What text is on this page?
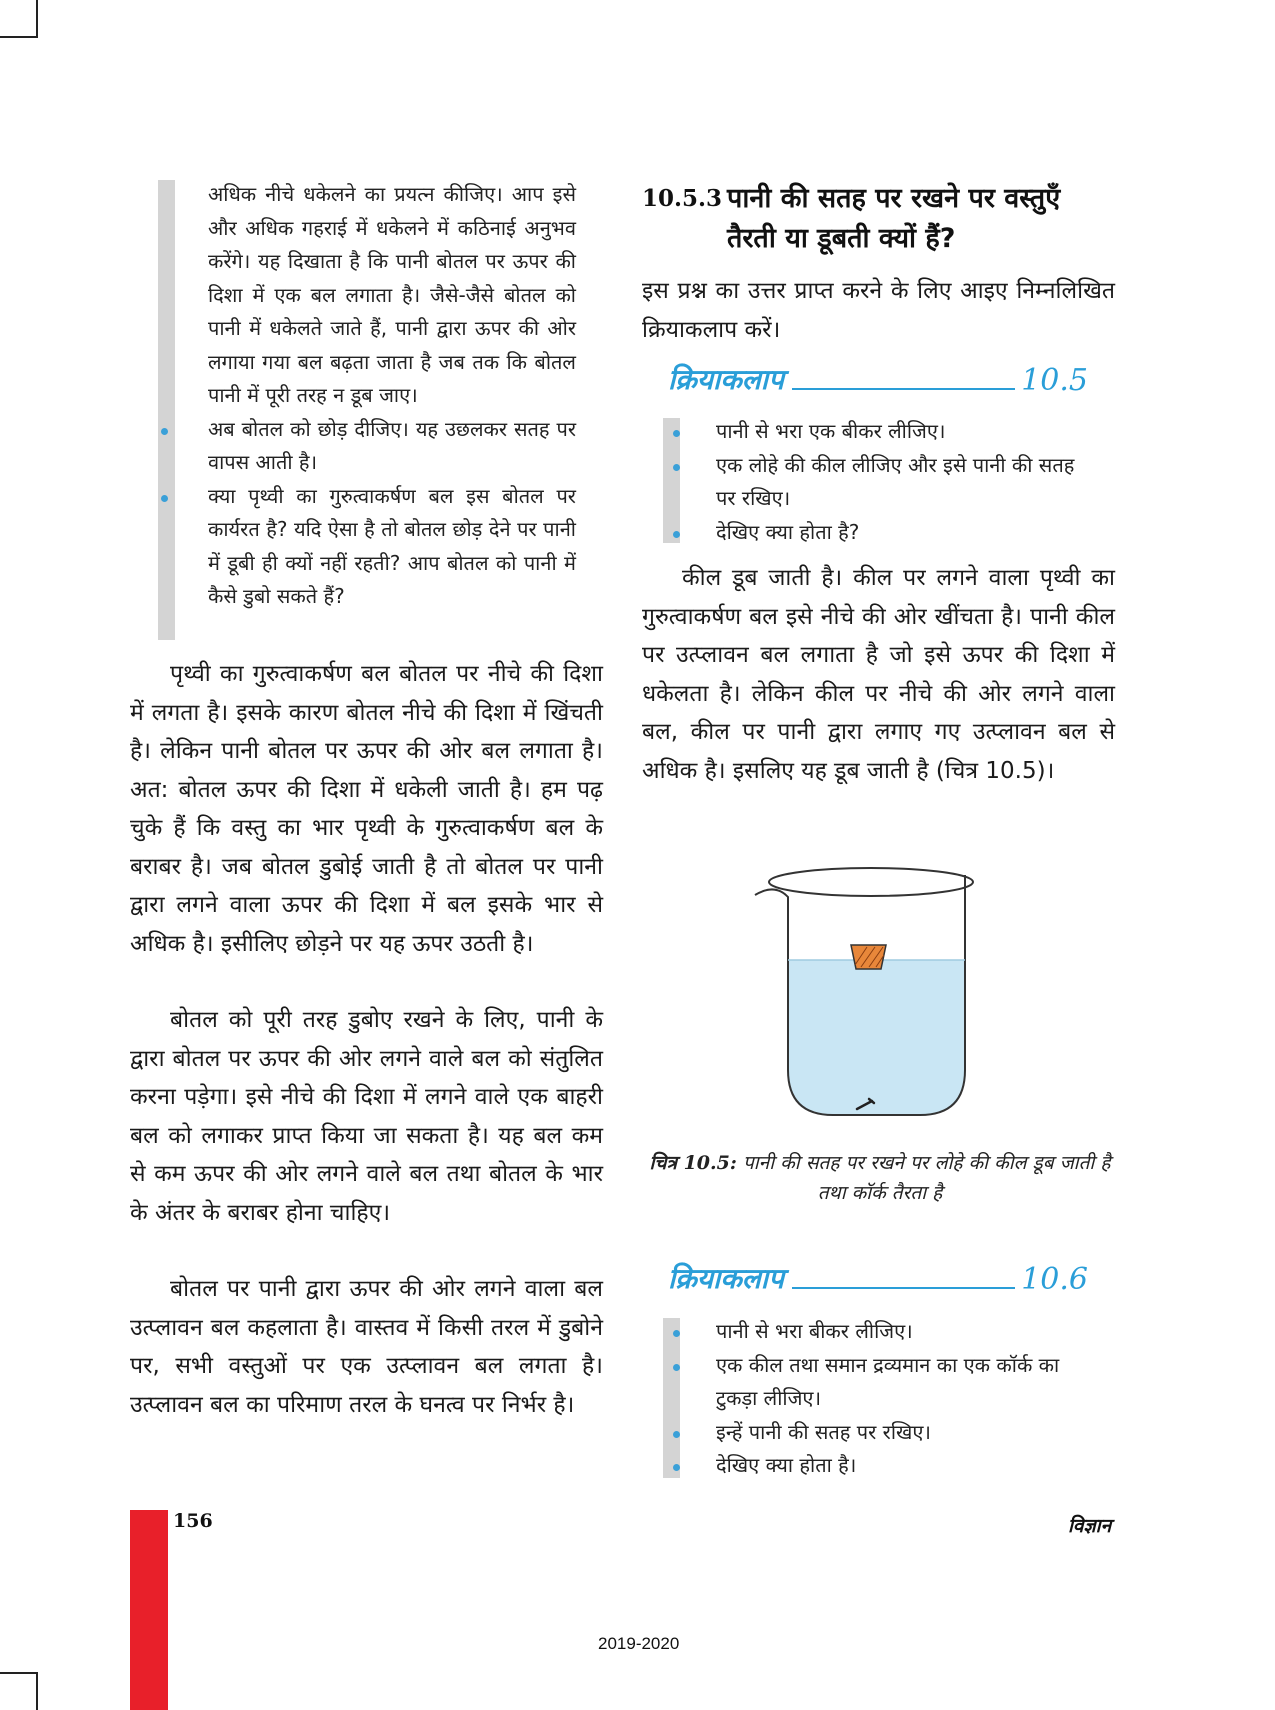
अधिक नीचे धकेलने का प्रयत्न कीजिए। आप इसे और अधिक गहराई में धकेलने में कठिनाई अनुभव करेंगे। यह दिखाता है कि पानी बोतल पर ऊपर की दिशा में एक बल लगाता है। जैसे-जैसे बोतल को पानी में धकेलते जाते हैं, पानी द्वारा ऊपर की ओर लगाया गया बल बढ़ता जाता है जब तक कि बोतल पानी में पूरी तरह न डूब जाए।
अब बोतल को छोड़ दीजिए। यह उछलकर सतह पर वापस आती है।
क्या पृथ्वी का गुरुत्वाकर्षण बल इस बोतल पर कार्यरत है? यदि ऐसा है तो बोतल छोड़ देने पर पानी में डूबी ही क्यों नहीं रहती? आप बोतल को पानी में कैसे डुबो सकते हैं?

पृथ्वी का गुरुत्वाकर्षण बल बोतल पर नीचे की दिशा में लगता है। इसके कारण बोतल नीचे की दिशा में खिंचती है। लेकिन पानी बोतल पर ऊपर की ओर बल लगाता है। अत: बोतल ऊपर की दिशा में धकेली जाती है। हम पढ़ चुके हैं कि वस्तु का भार पृथ्वी के गुरुत्वाकर्षण बल के बराबर है। जब बोतल डुबोई जाती है तो बोतल पर पानी द्वारा लगने वाला ऊपर की दिशा में बल इसके भार से अधिक है। इसीलिए छोड़ने पर यह ऊपर उठती है।

बोतल को पूरी तरह डुबोए रखने के लिए, पानी के द्वारा बोतल पर ऊपर की ओर लगने वाले बल को संतुलित करना पड़ेगा। इसे नीचे की दिशा में लगने वाले एक बाहरी बल को लगाकर प्राप्त किया जा सकता है। यह बल कम से कम ऊपर की ओर लगने वाले बल तथा बोतल के भार के अंतर के बराबर होना चाहिए।

बोतल पर पानी द्वारा ऊपर की ओर लगने वाला बल उत्प्लावन बल कहलाता है। वास्तव में किसी तरल में डुबोने पर, सभी वस्तुओं पर एक उत्प्लावन बल लगता है। उत्प्लावन बल का परिमाण तरल के घनत्व पर निर्भर है।

10.5.3 पानी की सतह पर रखने पर वस्तुएँ तैरती या डूबती क्यों हैं?

इस प्रश्न का उत्तर प्राप्त करने के लिए आइए निम्नलिखित क्रियाकलाप करें।

क्रियाकलाप	10.5
पानी से भरा एक बीकर लीजिए।
एक लोहे की कील लीजिए और इसे पानी की सतह पर रखिए।
देखिए क्या होता है?

कील डूब जाती है। कील पर लगने वाला पृथ्वी का गुरुत्वाकर्षण बल इसे नीचे की ओर खींचता है। पानी कील पर उत्प्लावन बल लगाता है जो इसे ऊपर की दिशा में धकेलता है। लेकिन कील पर नीचे की ओर लगने वाला बल, कील पर पानी द्वारा लगाए गए उत्प्लावन बल से अधिक है। इसलिए यह डूब जाती है (चित्र 10.5)।

चित्र 10.5: पानी की सतह पर रखने पर लोहे की कील डूब जाती है तथा कॉर्क तैरता है
क्रियाकलाप	10.6
पानी से भरा बीकर लीजिए।
एक कील तथा समान द्रव्यमान का एक कॉर्क का टुकड़ा लीजिए।
इन्हें पानी की सतह पर रखिए।
देखिए क्या होता है।
156	विज्ञान
2019-2020
